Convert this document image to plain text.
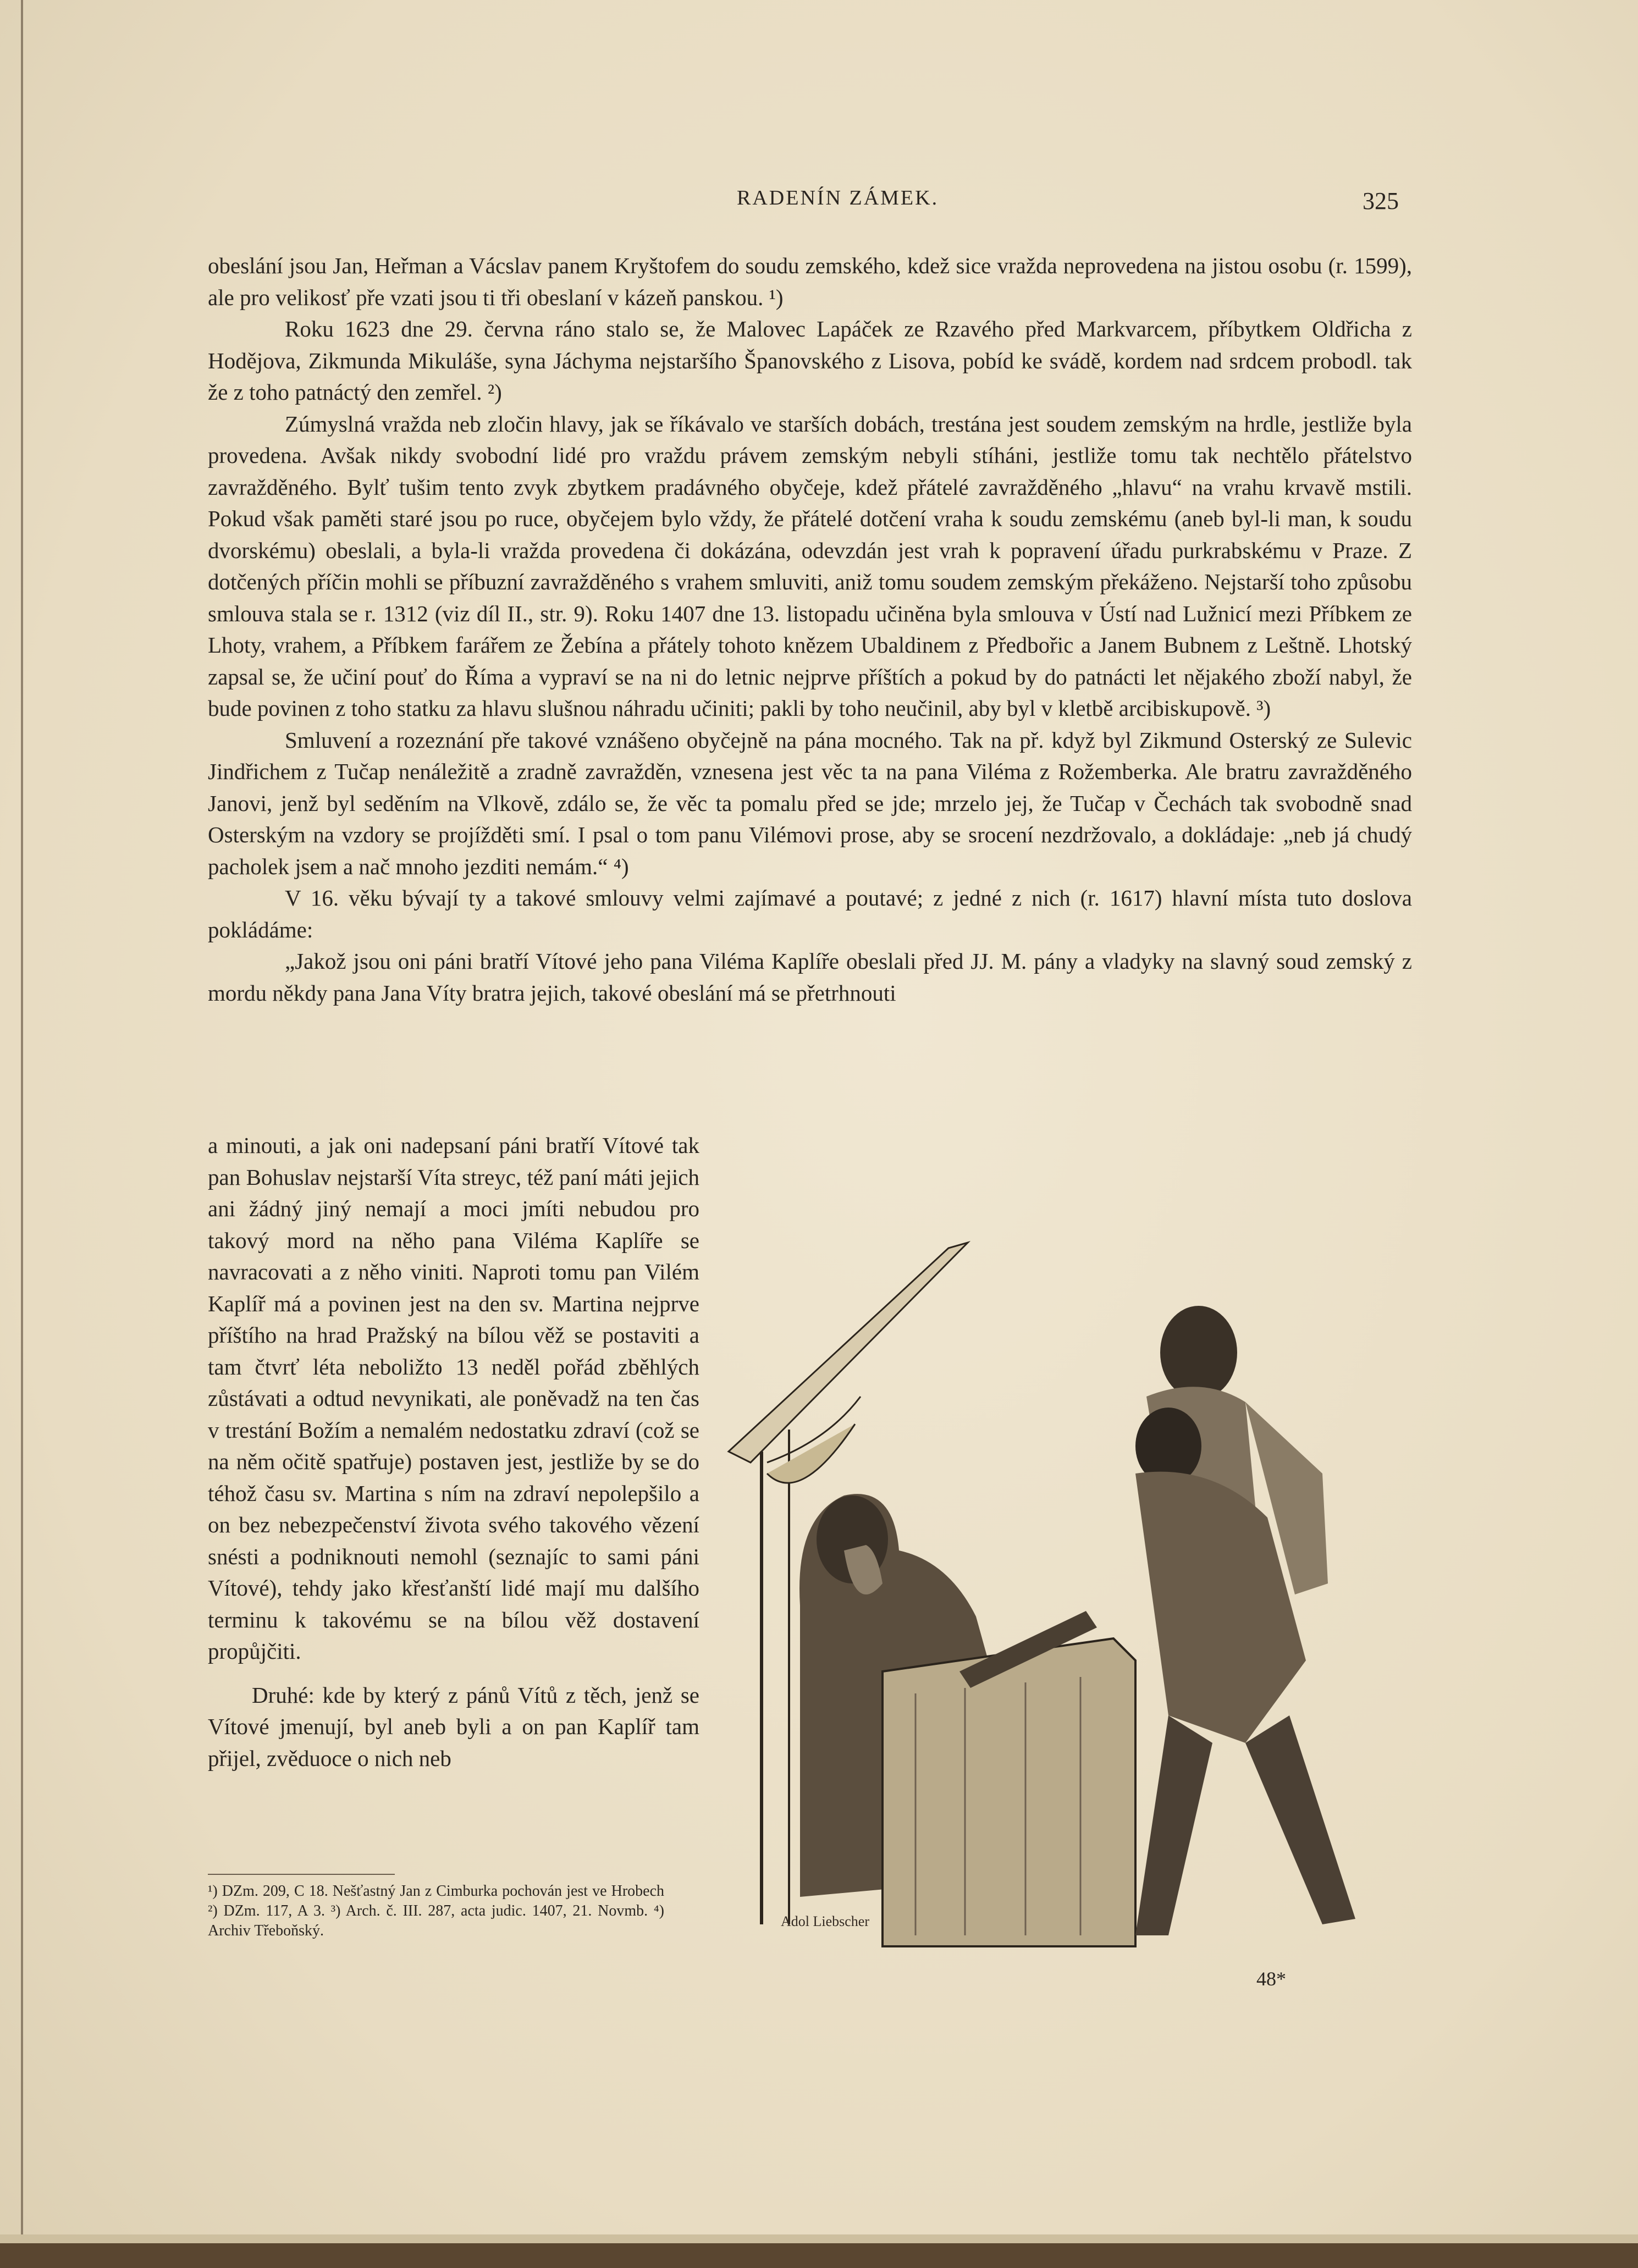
RADENÍN ZÁMEK.	325

obeslání jsou Jan, Heřman a Vácslav panem Kryštofem do soudu zemského, kdež sice vražda neprovedena na jistou osobu (r. 1599), ale pro velikosť pře vzati jsou ti tři obeslaní v kázeň panskou. ¹)

Roku 1623 dne 29. června ráno stalo se, že Malovec Lapáček ze Rzavého před Markvarcem, příbytkem Oldřicha z Hodějova, Zikmunda Mikuláše, syna Jáchyma nejstaršího Španovského z Lisova, pobíd ke svádě, kordem nad srdcem probodl. tak že z toho patnáctý den zemřel. ²)

Zúmyslná vražda neb zločin hlavy, jak se říkávalo ve starších dobách, trestána jest soudem zemským na hrdle, jestliže byla provedena. Avšak nikdy svobodní lidé pro vraždu právem zemským nebyli stíháni, jestliže tomu tak nechtělo přátelstvo zavražděného. Bylť tušim tento zvyk zbytkem pradávného obyčeje, kdež přátelé zavražděného „hlavu“ na vrahu krvavě mstili. Pokud však paměti staré jsou po ruce, obyčejem bylo vždy, že přátelé dotčení vraha k soudu zemskému (aneb byl-li man, k soudu dvorskému) obeslali, a byla-li vražda provedena či dokázána, odevzdán jest vrah k popravení úřadu purkrabskému v Praze. Z dotčených příčin mohli se příbuzní zavražděného s vrahem smluviti, aniž tomu soudem zemským překáženo. Nejstarší toho způsobu smlouva stala se r. 1312 (viz díl II., str. 9). Roku 1407 dne 13. listopadu učiněna byla smlouva v Ústí nad Lužnicí mezi Příbkem ze Lhoty, vrahem, a Příbkem farářem ze Žebína a přátely tohoto knězem Ubaldinem z Předbořic a Janem Bubnem z Leštně. Lhotský zapsal se, že učiní pouť do Říma a vypraví se na ni do letnic nejprve příštích a pokud by do patnácti let nějakého zboží nabyl, že bude povinen z toho statku za hlavu slušnou náhradu učiniti; pakli by toho neučinil, aby byl v kletbě arcibiskupově. ³)

Smluvení a rozeznání pře takové vznášeno obyčejně na pána mocného. Tak na př. když byl Zikmund Osterský ze Sulevic Jindřichem z Tučap nenáležitě a zradně zavražděn, vznesena jest věc ta na pana Viléma z Rožemberka. Ale bratru zavražděného Janovi, jenž byl seděním na Vlkově, zdálo se, že věc ta pomalu před se jde; mrzelo jej, že Tučap v Čechách tak svobodně snad Osterským na vzdory se projížděti smí. I psal o tom panu Vilémovi prose, aby se srocení nezdržovalo, a dokládaje: „neb já chudý pacholek jsem a nač mnoho jezditi nemám.“ ⁴)

V 16. věku bývají ty a takové smlouvy velmi zajímavé a poutavé; z jedné z nich (r. 1617) hlavní místa tuto doslova pokládáme:

„Jakož jsou oni páni bratří Vítové jeho pana Viléma Kaplíře obeslali před JJ. M. pány a vladyky na slavný soud zemský z mordu někdy pana Jana Víty bratra jejich, takové obeslání má se přetrhnouti

a minouti, a jak oni nadepsaní páni bratří Vítové tak pan Bohuslav nejstarší Víta streyc, též paní máti jejich ani žádný jiný nemají a moci jmíti nebudou pro takový mord na něho pana Viléma Kaplíře se navracovati a z něho viniti. Naproti tomu pan Vilém Kaplíř má a povinen jest na den sv. Martina nejprve příštího na hrad Pražský na bílou věž se postaviti a tam čtvrť léta neboližto 13 neděl pořád zběhlých zůstávati a odtud nevynikati, ale poněvadž na ten čas v trestání Božím a nemalém nedostatku zdraví (což se na něm očitě spatřuje) postaven jest, jestliže by se do téhož času sv. Martina s ním na zdraví nepolepšilo a on bez nebezpečenství života svého takového vězení snésti a podniknouti nemohl (seznajíc to sami páni Vítové), tehdy jako křesťanští lidé mají mu dalšího terminu k takovému se na bílou věž dostavení propůjčiti.

Druhé: kde by který z pánů Vítů z těch, jenž se Vítové jmenují, byl aneb byli a on pan Kaplíř tam přijel, zvěduoce o nich neb

¹) DZm. 209, C 18. Nešťastný Jan z Cimburka pochován jest ve Hrobech ²) DZm. 117, A 3. ³) Arch. č. III. 287, acta judic. 1407, 21. Novmb. ⁴) Archiv Třeboňský.
Adol Liebscher
48*
